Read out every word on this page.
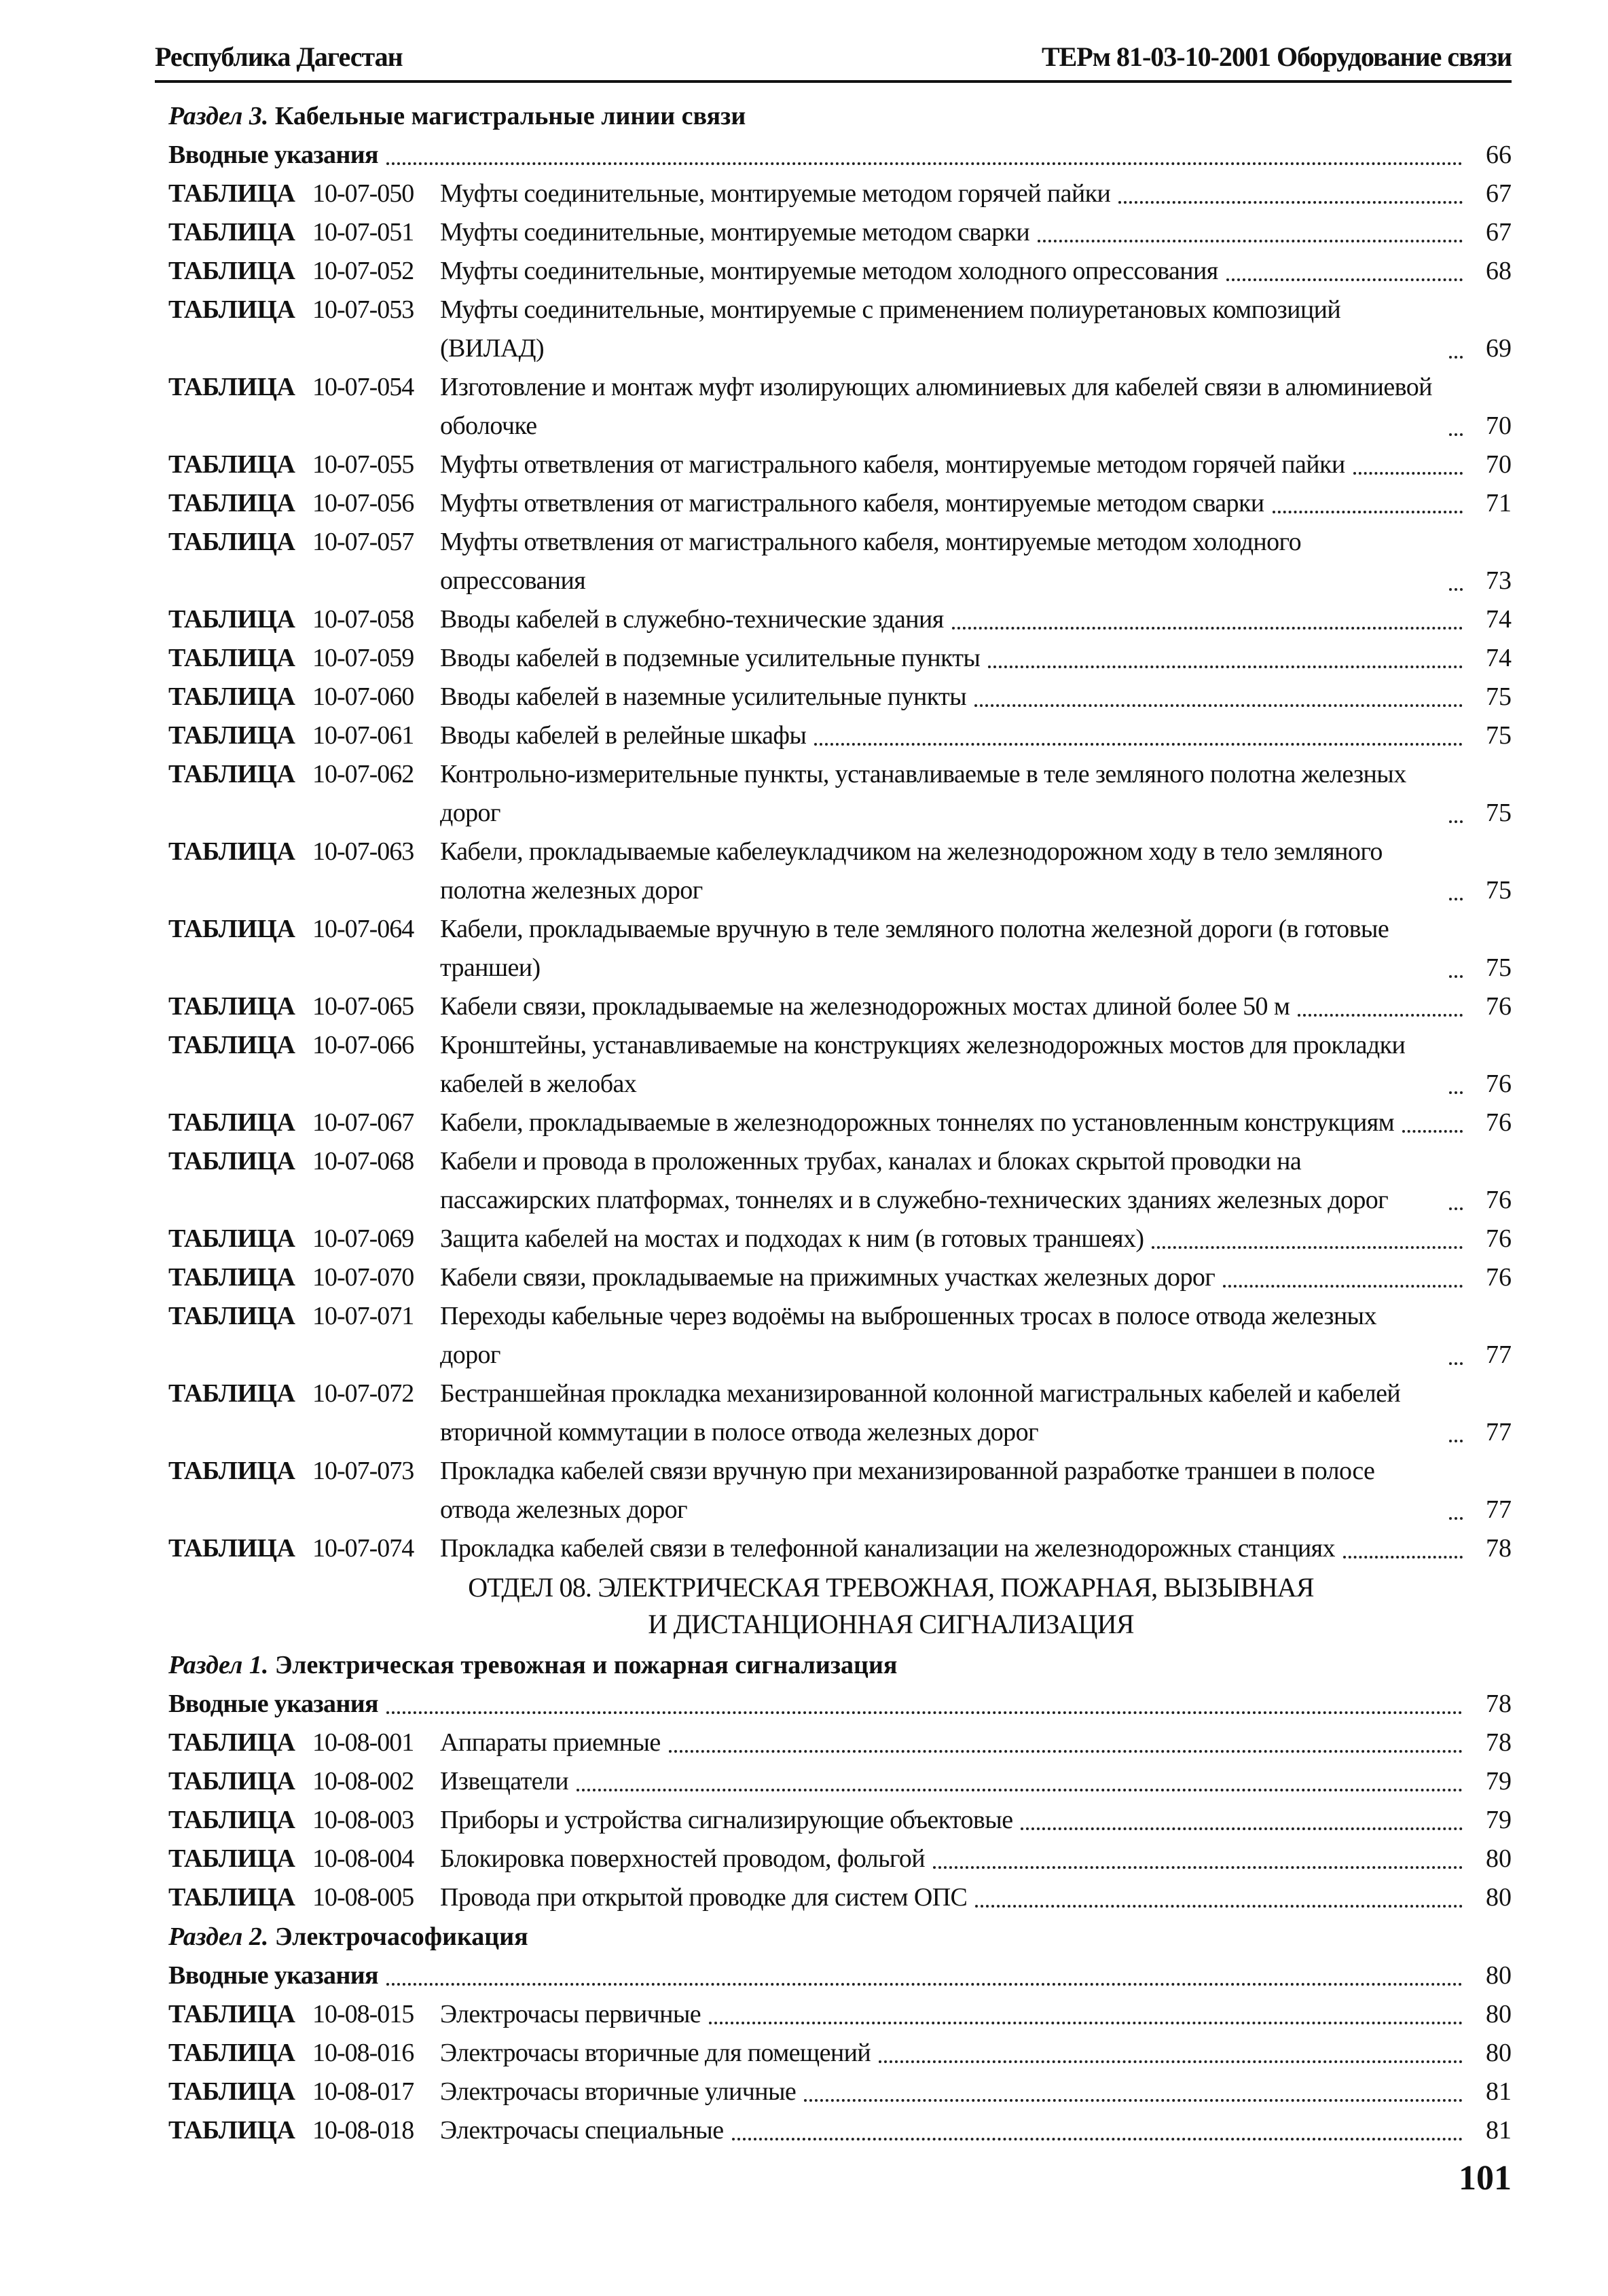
Республика Дагестан	ТЕРм 81-03-10-2001 Оборудование связи
Раздел 3. Кабельные магистральные линии связи
Вводные указания	66
ТАБЛИЦА 10-07-050	Муфты соединительные, монтируемые методом горячей пайки	67
ТАБЛИЦА 10-07-051	Муфты соединительные, монтируемые методом сварки	67
ТАБЛИЦА 10-07-052	Муфты соединительные, монтируемые методом холодного опрессования	68
ТАБЛИЦА 10-07-053	Муфты соединительные, монтируемые с применением полиуретановых композиций (ВИЛАД)	69
ТАБЛИЦА 10-07-054	Изготовление и монтаж муфт изолирующих алюминиевых для кабелей связи в алюминиевой оболочке	70
ТАБЛИЦА 10-07-055	Муфты ответвления от магистрального кабеля, монтируемые методом горячей пайки	70
ТАБЛИЦА 10-07-056	Муфты ответвления от магистрального кабеля, монтируемые методом сварки	71
ТАБЛИЦА 10-07-057	Муфты ответвления от магистрального кабеля, монтируемые методом холодного опрессования	73
ТАБЛИЦА 10-07-058	Вводы кабелей в служебно-технические здания	74
ТАБЛИЦА 10-07-059	Вводы кабелей в подземные усилительные пункты	74
ТАБЛИЦА 10-07-060	Вводы кабелей в наземные усилительные пункты	75
ТАБЛИЦА 10-07-061	Вводы кабелей в релейные шкафы	75
ТАБЛИЦА 10-07-062	Контрольно-измерительные пункты, устанавливаемые в теле земляного полотна железных дорог	75
ТАБЛИЦА 10-07-063	Кабели, прокладываемые кабелеукладчиком на железнодорожном ходу в тело земляного полотна железных дорог	75
ТАБЛИЦА 10-07-064	Кабели, прокладываемые вручную в теле земляного полотна железной дороги (в готовые траншеи)	75
ТАБЛИЦА 10-07-065	Кабели связи, прокладываемые на железнодорожных мостах длиной более 50 м	76
ТАБЛИЦА 10-07-066	Кронштейны, устанавливаемые на конструкциях железнодорожных мостов для прокладки кабелей в желобах	76
ТАБЛИЦА 10-07-067	Кабели, прокладываемые в железнодорожных тоннелях по установленным конструкциям	76
ТАБЛИЦА 10-07-068	Кабели и провода в проложенных трубах, каналах и блоках скрытой проводки на пассажирских платформах, тоннелях и в служебно-технических зданиях железных дорог	76
ТАБЛИЦА 10-07-069	Защита кабелей на мостах и подходах к ним (в готовых траншеях)	76
ТАБЛИЦА 10-07-070	Кабели связи, прокладываемые на прижимных участках железных дорог	76
ТАБЛИЦА 10-07-071	Переходы кабельные через водоёмы на выброшенных тросах в полосе отвода железных дорог	77
ТАБЛИЦА 10-07-072	Бестраншейная прокладка механизированной колонной магистральных кабелей и кабелей вторичной коммутации в полосе отвода железных дорог	77
ТАБЛИЦА 10-07-073	Прокладка кабелей связи вручную при механизированной разработке траншеи в полосе отвода железных дорог	77
ТАБЛИЦА 10-07-074	Прокладка кабелей связи в телефонной канализации на железнодорожных станциях	78
ОТДЕЛ 08. ЭЛЕКТРИЧЕСКАЯ ТРЕВОЖНАЯ, ПОЖАРНАЯ, ВЫЗЫВНАЯ
И ДИСТАНЦИОННАЯ СИГНАЛИЗАЦИЯ
Раздел 1. Электрическая тревожная и пожарная сигнализация
Вводные указания	78
ТАБЛИЦА 10-08-001	Аппараты приемные	78
ТАБЛИЦА 10-08-002	Извещатели	79
ТАБЛИЦА 10-08-003	Приборы и устройства сигнализирующие объектовые	79
ТАБЛИЦА 10-08-004	Блокировка поверхностей проводом, фольгой	80
ТАБЛИЦА 10-08-005	Провода при открытой проводке для систем ОПС	80
Раздел 2. Электрочасофикация
Вводные указания	80
ТАБЛИЦА 10-08-015	Электрочасы первичные	80
ТАБЛИЦА 10-08-016	Электрочасы вторичные для помещений	80
ТАБЛИЦА 10-08-017	Электрочасы вторичные уличные	81
ТАБЛИЦА 10-08-018	Электрочасы специальные	81
101
